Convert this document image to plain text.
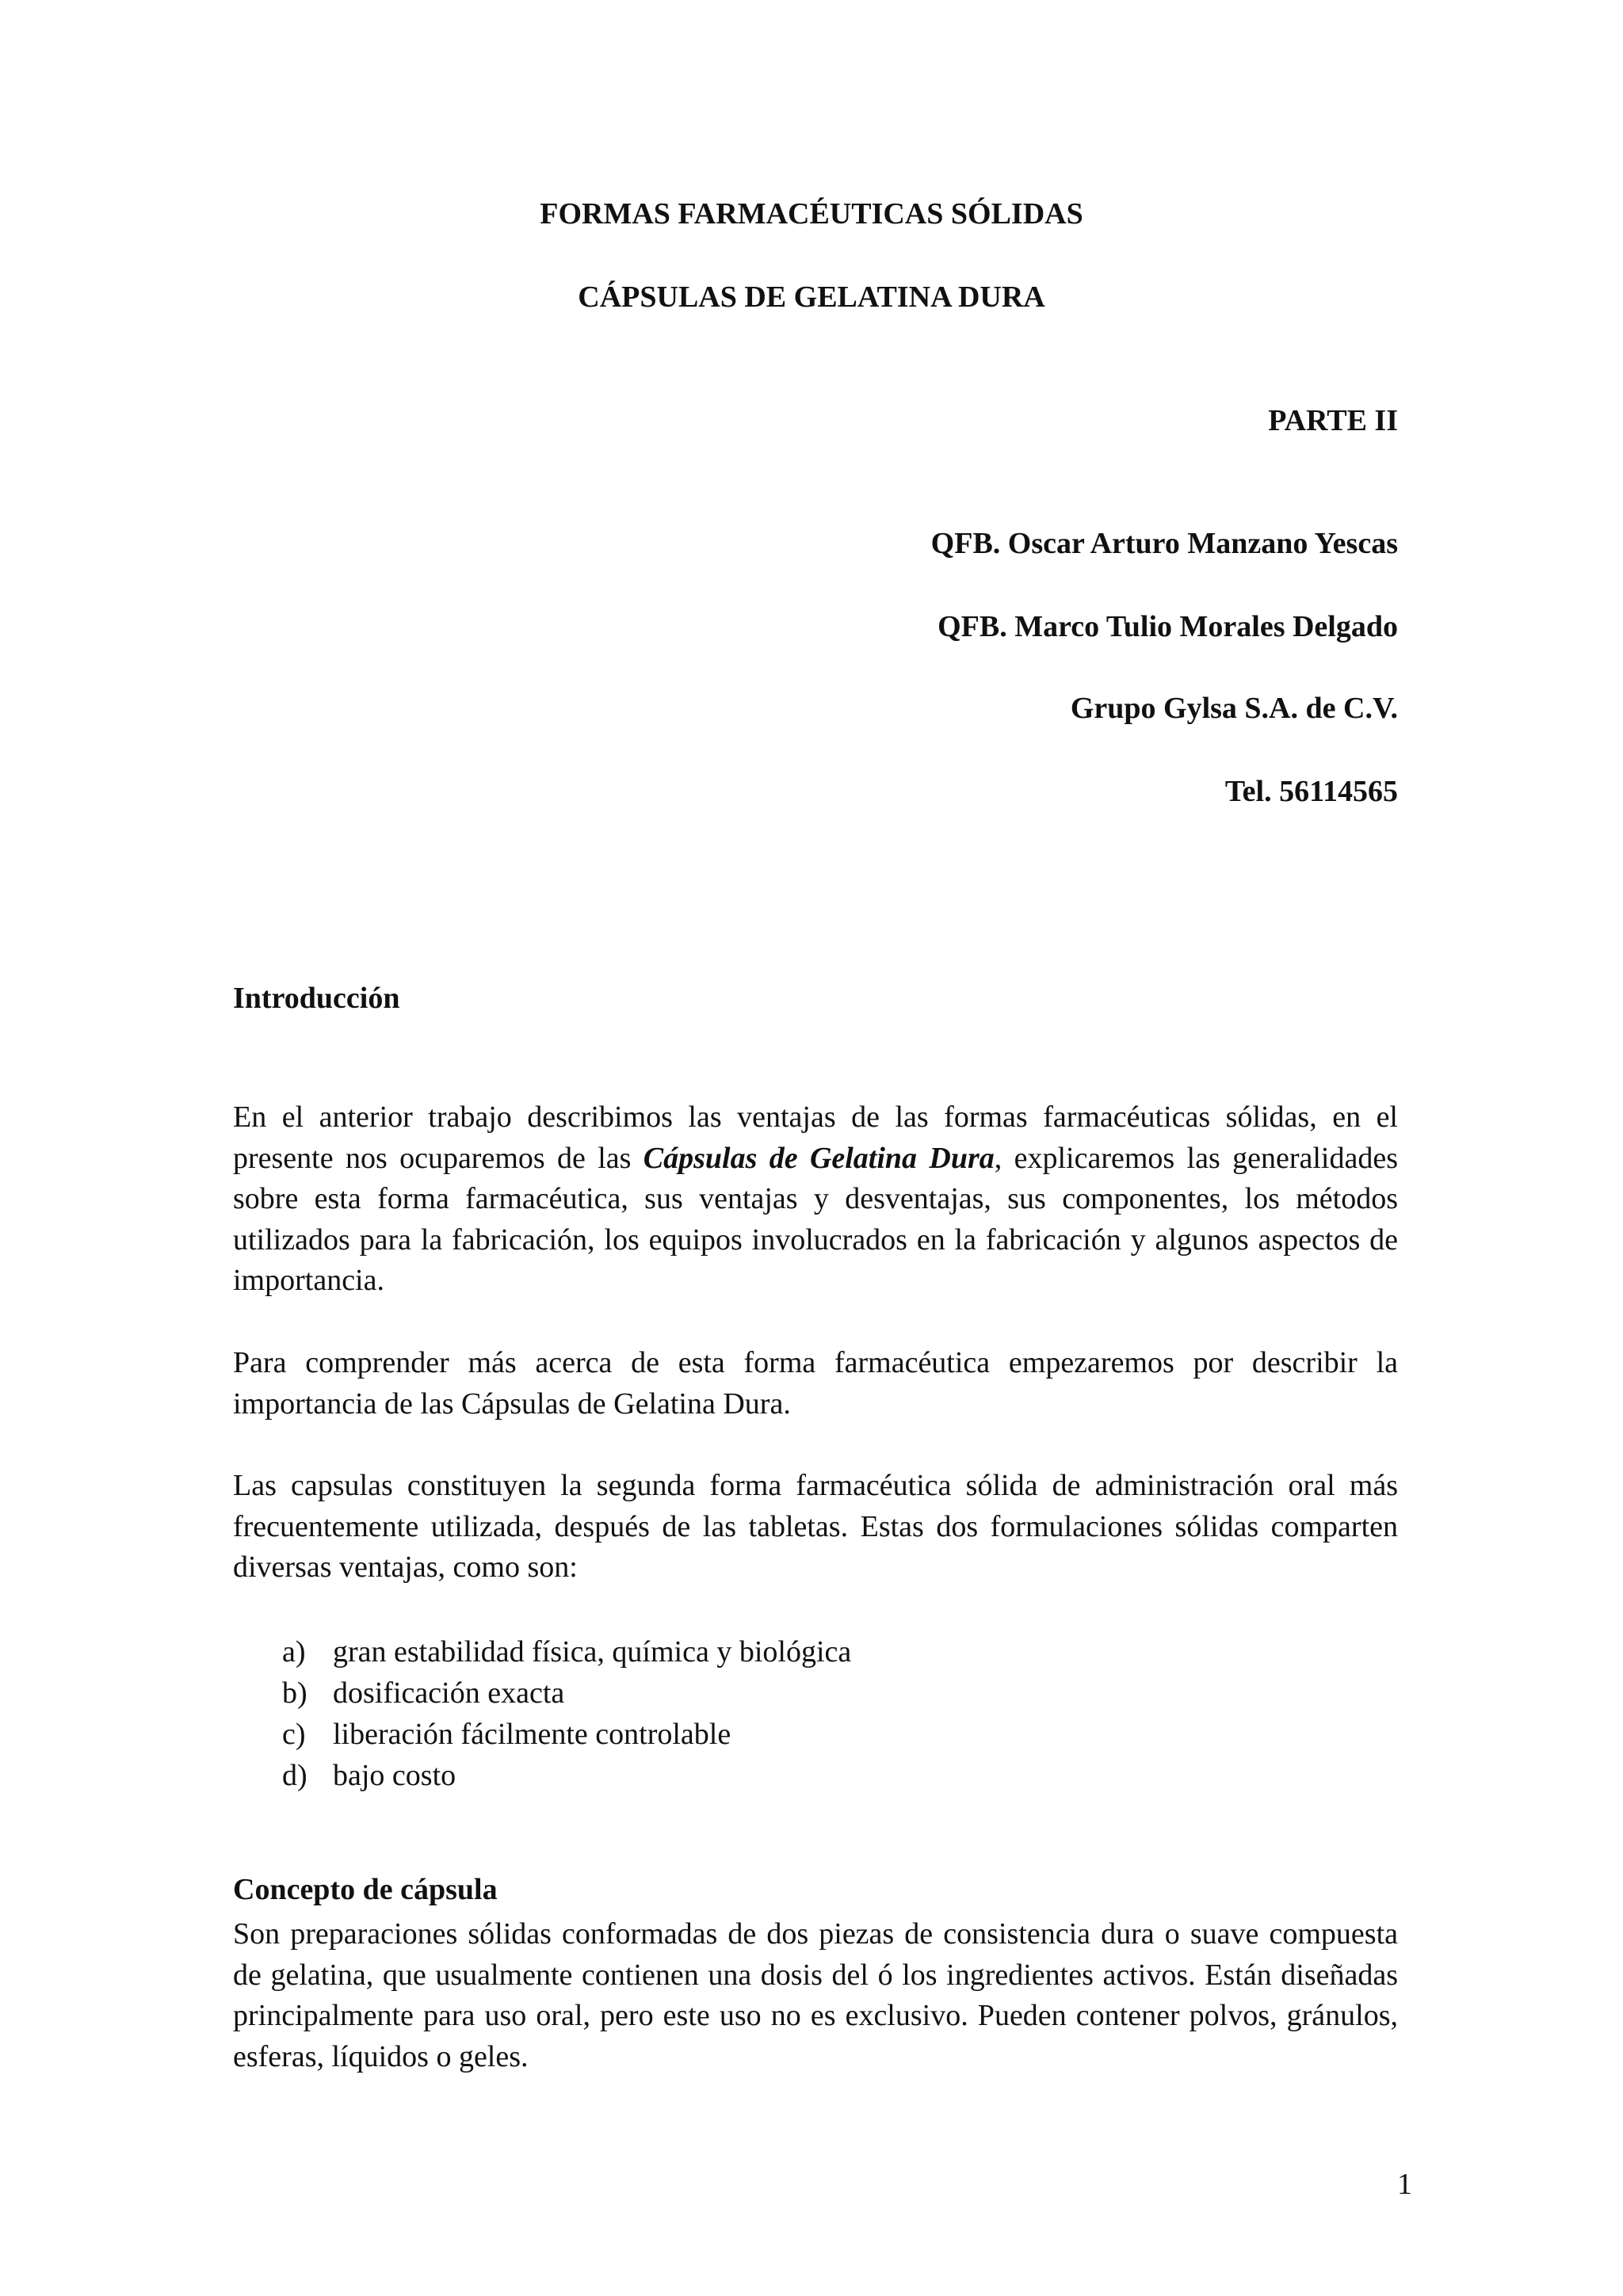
FORMAS FARMACÉUTICAS SÓLIDAS
CÁPSULAS DE GELATINA DURA

PARTE II

QFB. Oscar Arturo Manzano Yescas

QFB. Marco Tulio Morales Delgado

Grupo Gylsa S.A. de C.V.

Tel. 56114565

Introducción

En el anterior trabajo describimos las ventajas de las formas farmacéuticas sólidas, en el presente nos ocuparemos de las Cápsulas de Gelatina Dura, explicaremos las generalidades sobre esta forma farmacéutica, sus ventajas y desventajas, sus componentes, los métodos utilizados para la fabricación, los equipos involucrados en la fabricación y algunos aspectos de importancia.

Para comprender más acerca de esta forma farmacéutica empezaremos por describir la importancia de las Cápsulas de Gelatina Dura.

Las capsulas constituyen la segunda forma farmacéutica sólida de administración oral más frecuentemente utilizada, después de las tabletas. Estas dos formulaciones sólidas comparten diversas ventajas, como son:

a) gran estabilidad física, química y biológica
b) dosificación exacta
c) liberación fácilmente controlable
d) bajo costo
Concepto de cápsula

Son preparaciones sólidas conformadas de dos piezas de consistencia dura o suave compuesta de gelatina, que usualmente contienen una dosis del ó los ingredientes activos. Están diseñadas principalmente para uso oral, pero este uso no es exclusivo. Pueden contener polvos, gránulos, esferas, líquidos o geles.

1
